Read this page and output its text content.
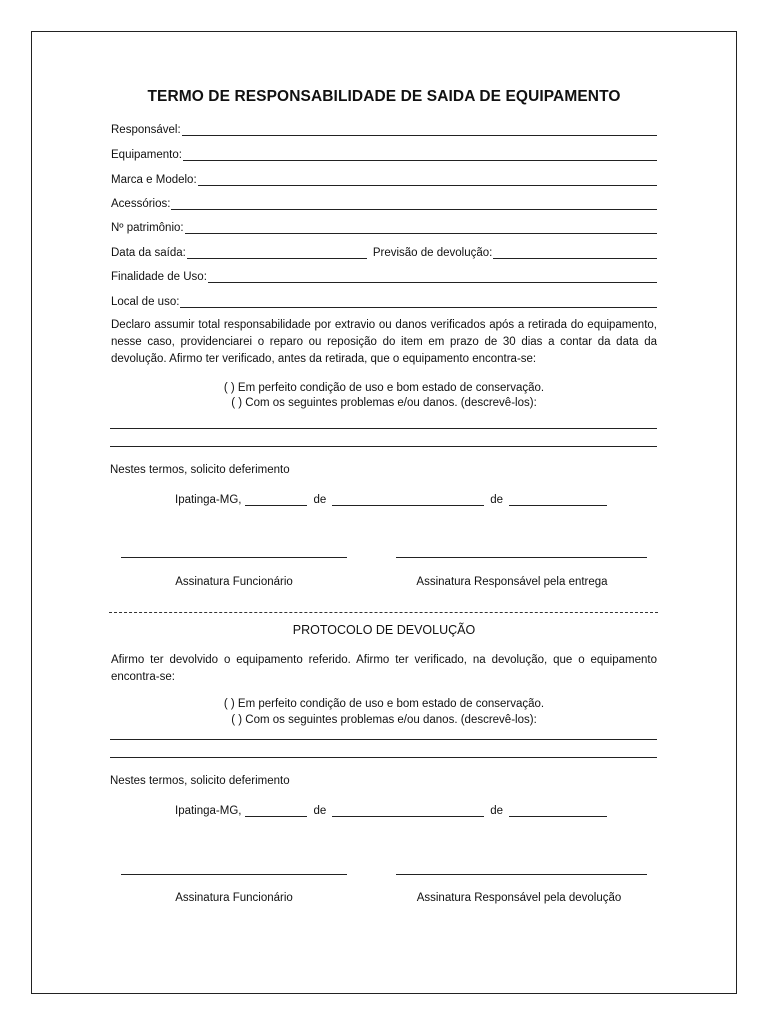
TERMO DE RESPONSABILIDADE DE SAIDA DE EQUIPAMENTO
Responsável:
Equipamento:
Marca e Modelo:
Acessórios:
Nº patrimônio:
Data da saída:	Previsão de devolução:
Finalidade de Uso:
Local de uso:
Declaro assumir total responsabilidade por extravio ou danos verificados após a retirada do equipamento, nesse caso, providenciarei o reparo ou reposição do item em prazo de 30 dias a contar da data da devolução. Afirmo ter verificado, antes da retirada, que o equipamento encontra-se:
( ) Em perfeito condição de uso e bom estado de conservação.
( ) Com os seguintes problemas e/ou danos. (descrevê-los):
Nestes termos, solicito deferimento
Ipatinga-MG,	de	de
Assinatura Funcionário	Assinatura Responsável pela entrega
PROTOCOLO DE DEVOLUÇÃO
Afirmo ter devolvido o equipamento referido. Afirmo ter verificado, na devolução, que o equipamento encontra-se:
( ) Em perfeito condição de uso e bom estado de conservação.
( ) Com os seguintes problemas e/ou danos. (descrevê-los):
Nestes termos, solicito deferimento
Ipatinga-MG,	de	de
Assinatura Funcionário	Assinatura Responsável pela devolução
